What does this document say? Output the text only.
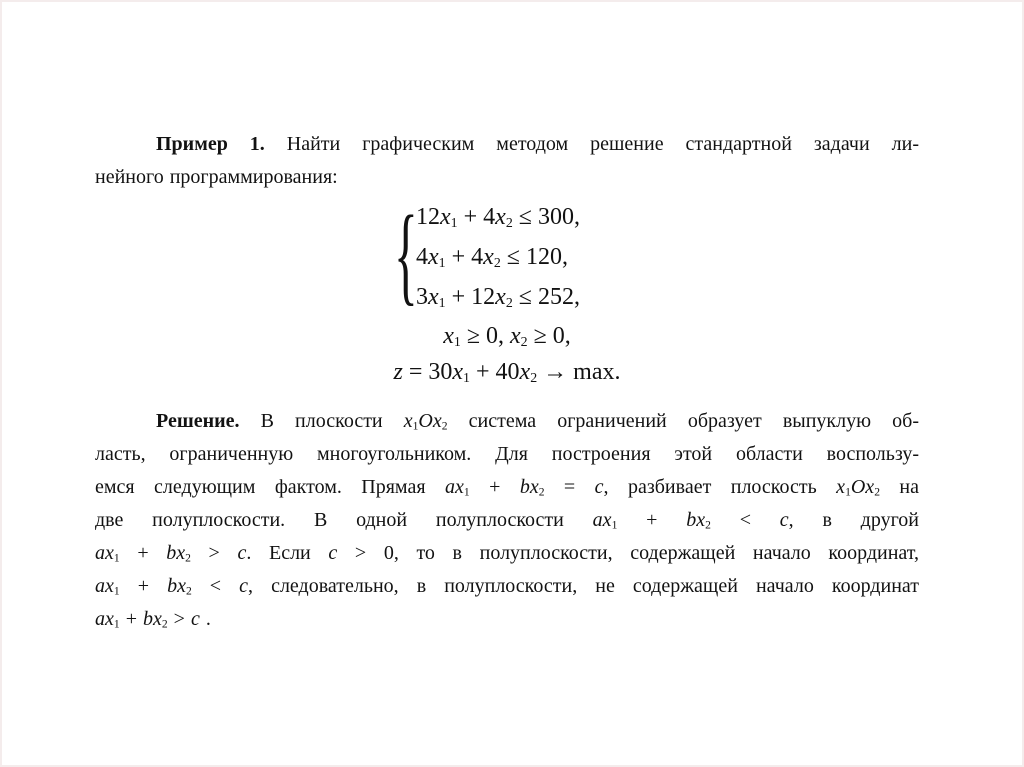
Пример 1. Найти графическим методом решение стандартной задачи ли-

нейного программирования:

{
12x1 + 4x2 ≤ 300,
4x1 + 4x2 ≤ 120,
3x1 + 12x2 ≤ 252,
x1 ≥ 0, x2 ≥ 0,
z = 30x1 + 40x2 → max.

Решение. В плоскости x1Ox2 система ограничений образует выпуклую об-

ласть, ограниченную многоугольником. Для построения этой области воспользу-

емся следующим фактом. Прямая ax1 + bx2 = c, разбивает плоскость x1Ox2 на

две полуплоскости. В одной полуплоскости ax1 + bx2 < c, в другой

ax1 + bx2 > c. Если c > 0, то в полуплоскости, содержащей начало координат,

ax1 + bx2 < c, следовательно, в полуплоскости, не содержащей начало координат

ax1 + bx2 > c .
